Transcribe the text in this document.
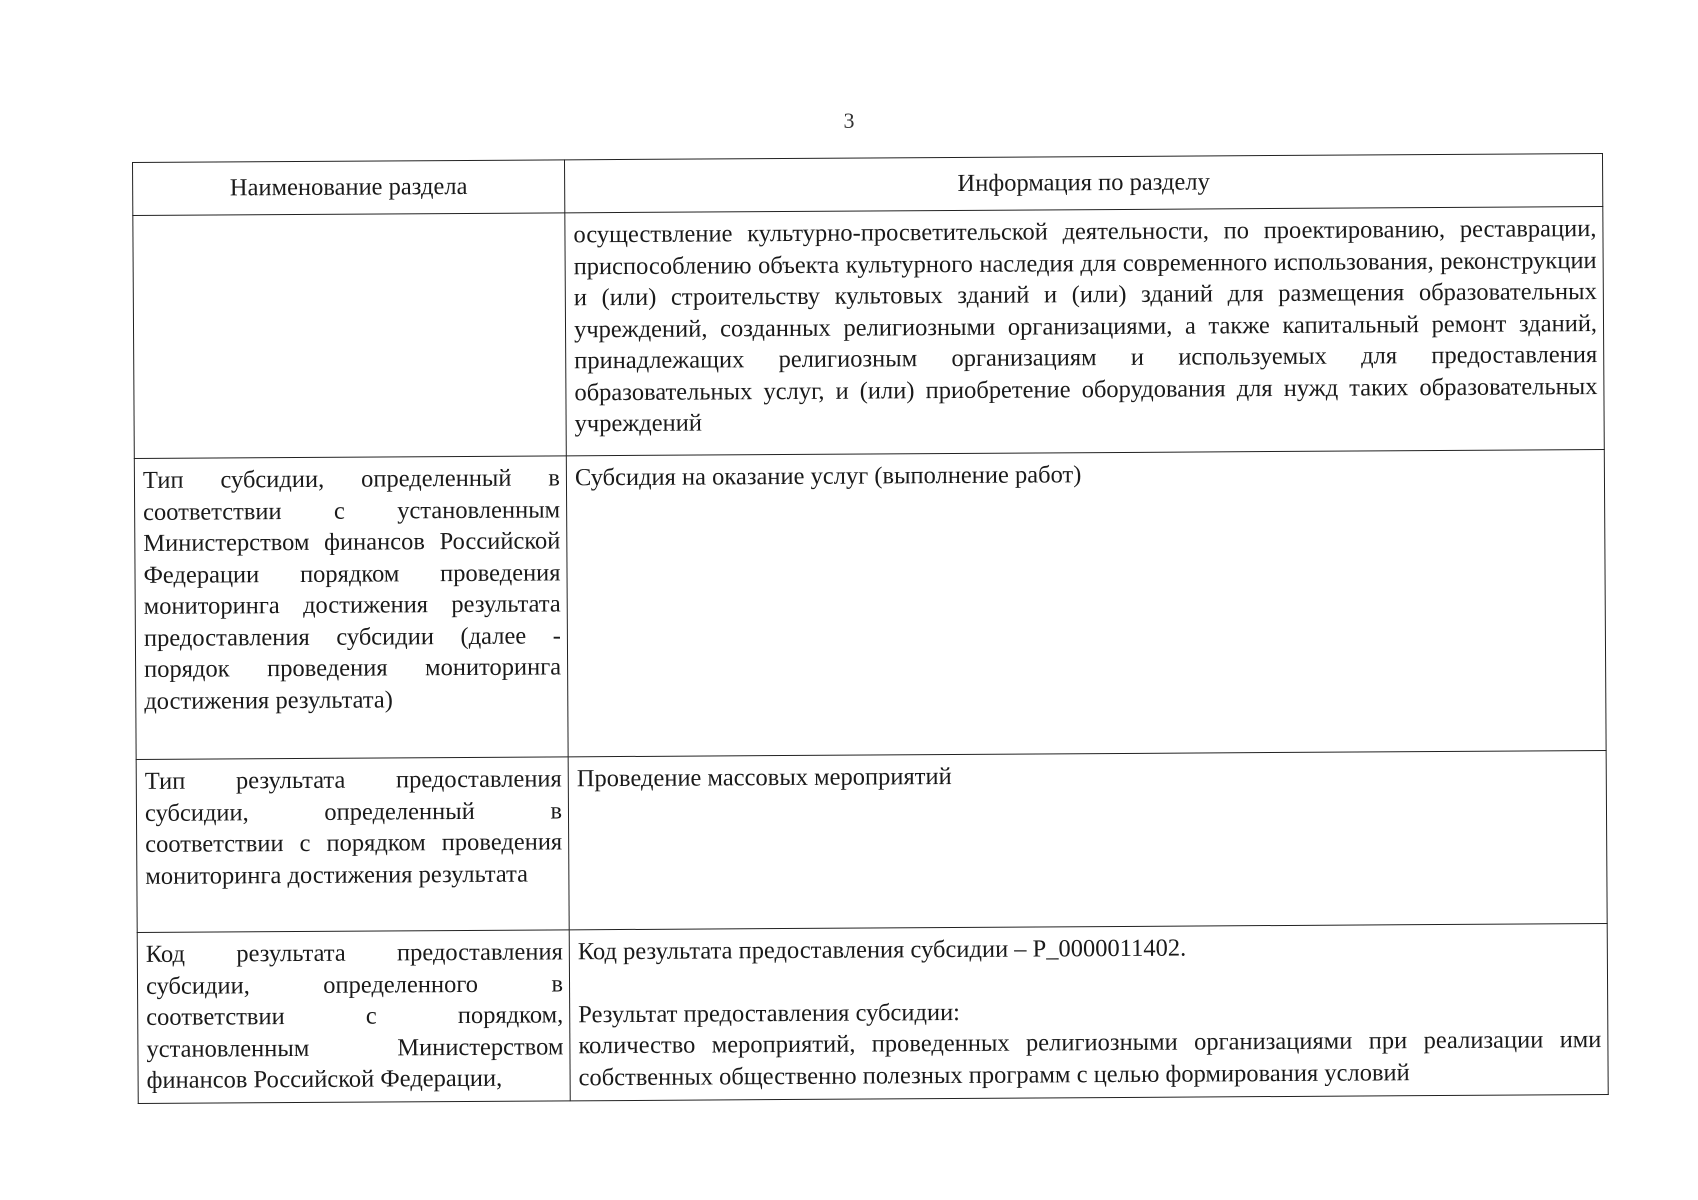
3
Наименование раздела	Информация по разделу
	осуществление культурно-просветительской деятельности, по проектированию, реставрации, приспособлению объекта культурного наследия для современного использования, реконструкции и (или) строительству культовых зданий и (или) зданий для размещения образовательных учреждений, созданных религиозными организациями, а также капитальный ремонт зданий, принадлежащих религиозным организациям и используемых для предоставления образовательных услуг, и (или) приобретение оборудования для нужд таких образовательных учреждений
Тип субсидии, определенный в соответствии с установленным Министерством финансов Российской Федерации порядком проведения мониторинга достижения результата предоставления субсидии (далее - порядок проведения мониторинга достижения результата)	Субсидия на оказание услуг (выполнение работ)
Тип результата предоставления субсидии, определенный в соответствии с порядком проведения мониторинга достижения результата	Проведение массовых мероприятий
Код результата предоставления субсидии, определенного в соответствии с порядком, установленным Министерством финансов Российской Федерации,	Код результата предоставления субсидии – Р_0000011402.
Результат предоставления субсидии:
количество мероприятий, проведенных религиозными организациями при реализации ими собственных общественно полезных программ с целью формирования условий
